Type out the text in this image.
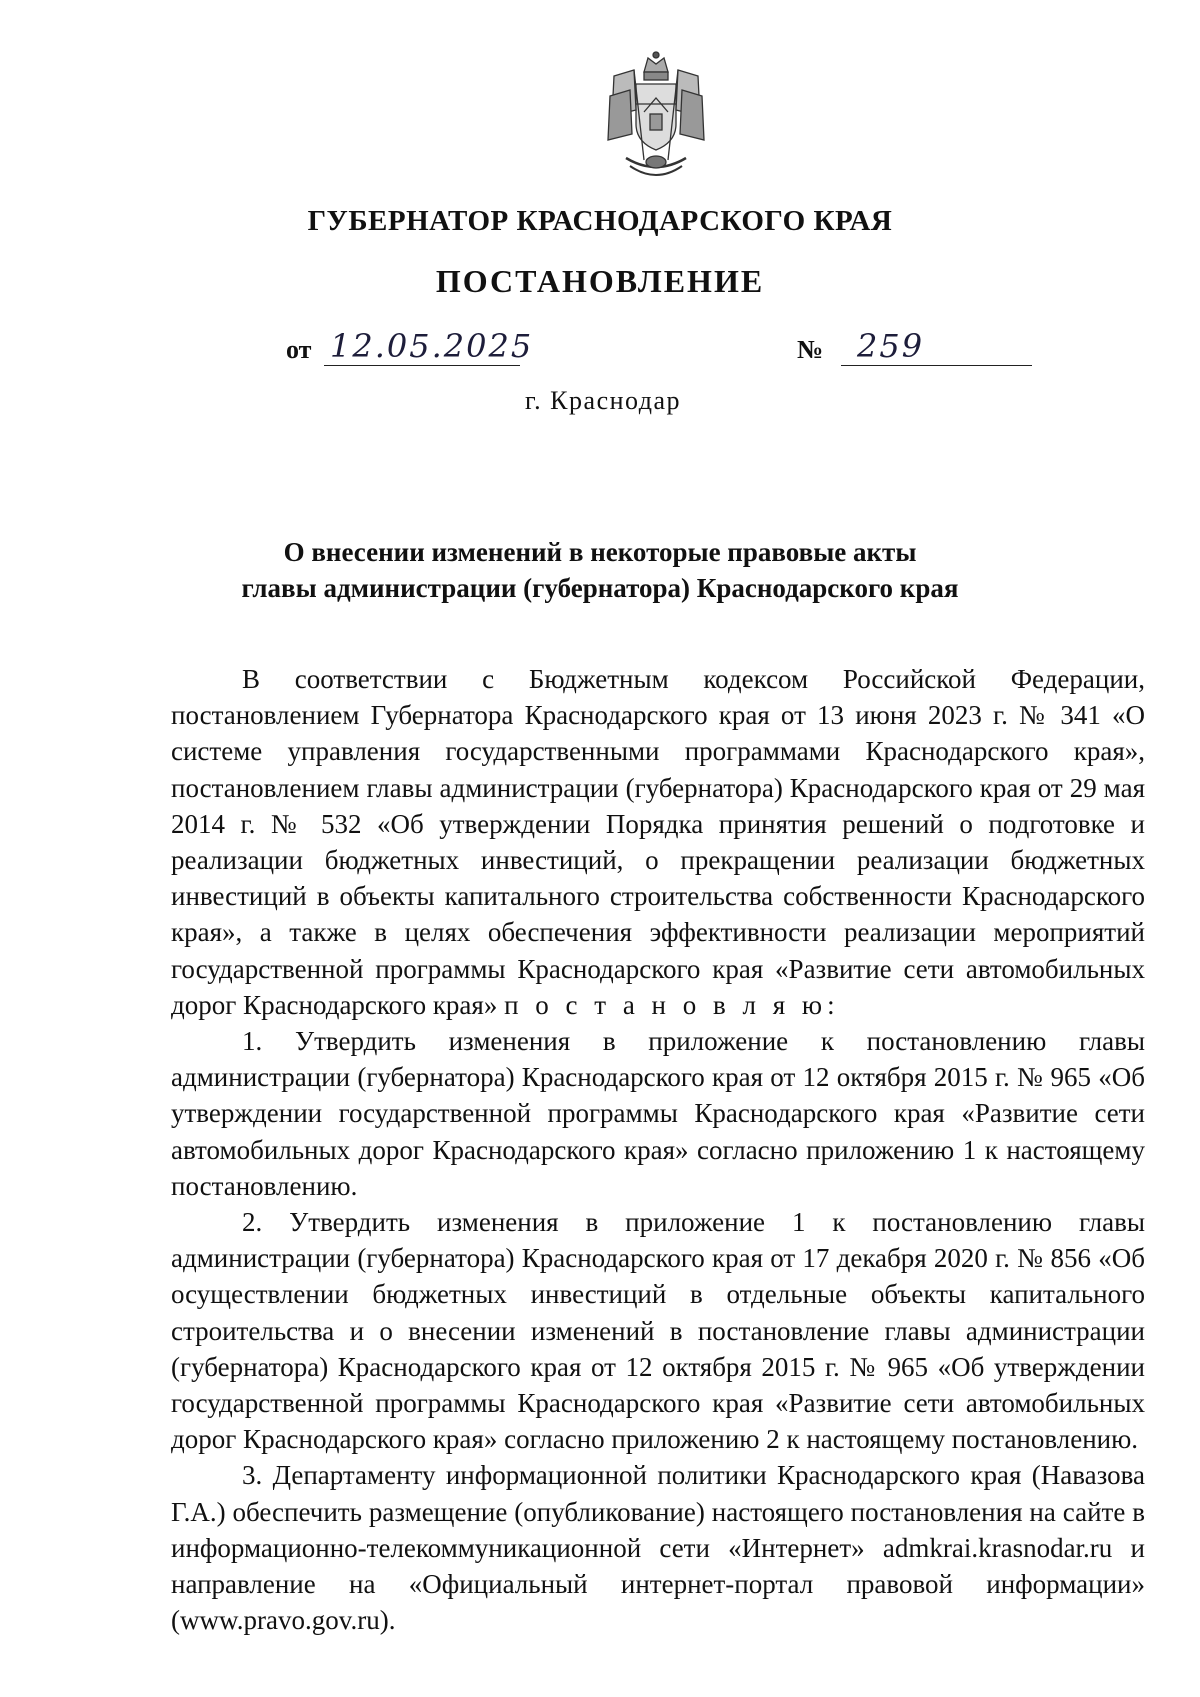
ГУБЕРНАТОР КРАСНОДАРСКОГО КРАЯ
ПОСТАНОВЛЕНИЕ
от 12.05.2025	№ 259
г. Краснодар
О внесении изменений в некоторые правовые акты
главы администрации (губернатора) Краснодарского края

В соответствии с Бюджетным кодексом Российской Федерации, постановлением Губернатора Краснодарского края от 13 июня 2023 г. № 341 «О системе управления государственными программами Краснодарского края», постановлением главы администрации (губернатора) Краснодарского края от 29 мая 2014 г. № 532 «Об утверждении Порядка принятия решений о подготовке и реализации бюджетных инвестиций, о прекращении реализации бюджетных инвестиций в объекты капитального строительства собственности Краснодарского края», а также в целях обеспечения эффективности реализации мероприятий государственной программы Краснодарского края «Развитие сети автомобильных дорог Краснодарского края» п о с т а н о в л я ю:

1. Утвердить изменения в приложение к постановлению главы администрации (губернатора) Краснодарского края от 12 октября 2015 г. № 965 «Об утверждении государственной программы Краснодарского края «Развитие сети автомобильных дорог Краснодарского края» согласно приложению 1 к настоящему постановлению.

2. Утвердить изменения в приложение 1 к постановлению главы администрации (губернатора) Краснодарского края от 17 декабря 2020 г. № 856 «Об осуществлении бюджетных инвестиций в отдельные объекты капитального строительства и о внесении изменений в постановление главы администрации (губернатора) Краснодарского края от 12 октября 2015 г. № 965 «Об утверждении государственной программы Краснодарского края «Развитие сети автомобильных дорог Краснодарского края» согласно приложению 2 к настоящему постановлению.

3. Департаменту информационной политики Краснодарского края (Навазова Г.А.) обеспечить размещение (опубликование) настоящего постановления на сайте в информационно-телекоммуникационной сети «Интернет» admkrai.krasnodar.ru и направление на «Официальный интернет-портал правовой информации» (www.pravo.gov.ru).
